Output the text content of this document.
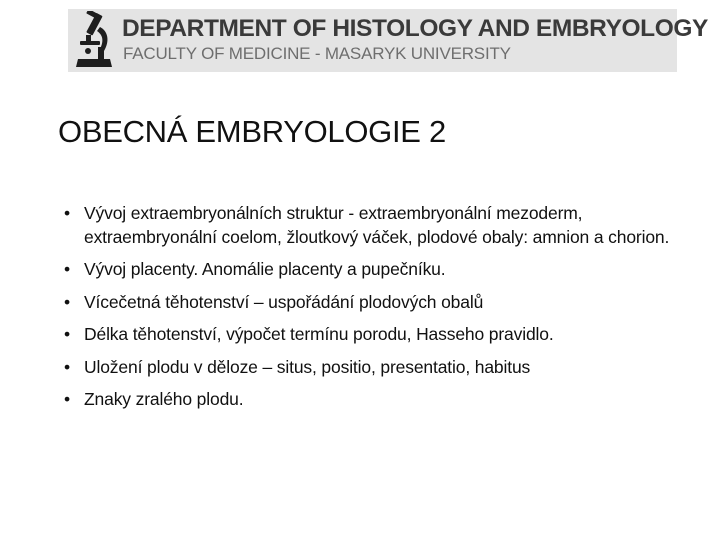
DEPARTMENT OF HISTOLOGY AND EMBRYOLOGY
FACULTY OF MEDICINE - MASARYK UNIVERSITY
OBECNÁ EMBRYOLOGIE 2
• Vývoj extraembryonálních struktur - extraembryonální mezoderm, extraembryonální coelom, žloutkový váček, plodové obaly: amnion a chorion.
• Vývoj placenty. Anomálie placenty a pupečníku.
• Vícečetná těhotenství – uspořádání plodových obalů
• Délka těhotenství, výpočet termínu porodu, Hasseho pravidlo.
• Uložení plodu v děloze – situs, positio, presentatio, habitus
• Znaky zralého plodu.
